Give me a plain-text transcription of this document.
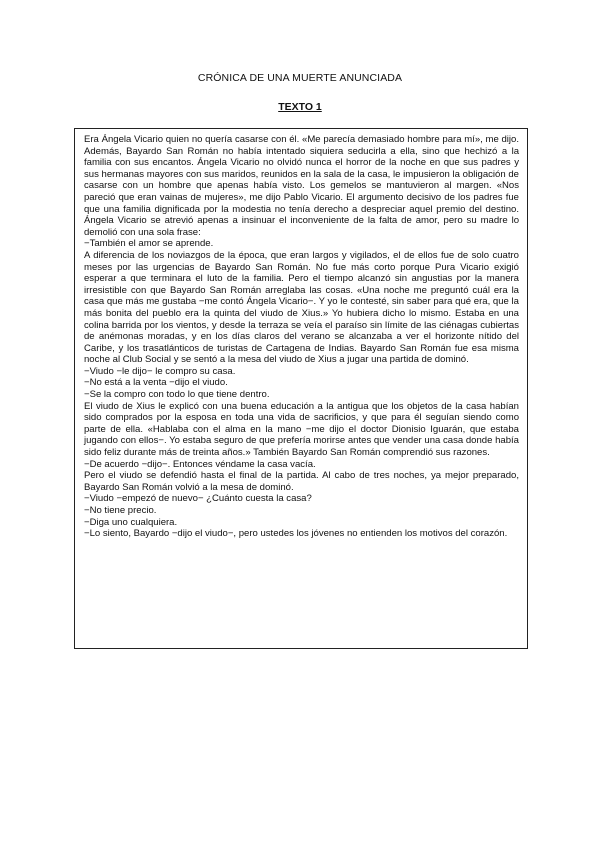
CRÓNICA DE UNA MUERTE ANUNCIADA
TEXTO 1

Era Ángela Vicario quien no quería casarse con él. «Me parecía demasiado hombre para mí», me dijo. Además, Bayardo San Román no había intentado siquiera seducirla a ella, sino que hechizó a la familia con sus encantos. Ángela Vicario no olvidó nunca el horror de la noche en que sus padres y sus hermanas mayores con sus maridos, reunidos en la sala de la casa, le impusieron la obligación de casarse con un hombre que apenas había visto. Los gemelos se mantuvieron al margen. «Nos pareció que eran vainas de mujeres», me dijo Pablo Vicario. El argumento decisivo de los padres fue que una familia dignificada por la modestia no tenía derecho a despreciar aquel premio del destino. Ángela Vicario se atrevió apenas a insinuar el inconveniente de la falta de amor, pero su madre lo demolió con una sola frase:

−También el amor se aprende.

A diferencia de los noviazgos de la época, que eran largos y vigilados, el de ellos fue de solo cuatro meses por las urgencias de Bayardo San Román. No fue más corto porque Pura Vicario exigió esperar a que terminara el luto de la familia. Pero el tiempo alcanzó sin angustias por la manera irresistible con que Bayardo San Román arreglaba las cosas. «Una noche me preguntó cuál era la casa que más me gustaba −me contó Ángela Vicario−. Y yo le contesté, sin saber para qué era, que la más bonita del pueblo era la quinta del viudo de Xius.» Yo hubiera dicho lo mismo. Estaba en una colina barrida por los vientos, y desde la terraza se veía el paraíso sin límite de las ciénagas cubiertas de anémonas moradas, y en los días claros del verano se alcanzaba a ver el horizonte nítido del Caribe, y los trasatlánticos de turistas de Cartagena de Indias. Bayardo San Román fue esa misma noche al Club Social y se sentó a la mesa del viudo de Xius a jugar una partida de dominó.

−Viudo −le dijo− le compro su casa.

−No está a la venta −dijo el viudo.

−Se la compro con todo lo que tiene dentro.

El viudo de Xius le explicó con una buena educación a la antigua que los objetos de la casa habían sido comprados por la esposa en toda una vida de sacrificios, y que para él seguían siendo como parte de ella. «Hablaba con el alma en la mano −me dijo el doctor Dionisio Iguarán, que estaba jugando con ellos−. Yo estaba seguro de que prefería morirse antes que vender una casa donde había sido feliz durante más de treinta años.» También Bayardo San Román comprendió sus razones.

−De acuerdo −dijo−. Entonces véndame la casa vacía.

Pero el viudo se defendió hasta el final de la partida. Al cabo de tres noches, ya mejor preparado, Bayardo San Román volvió a la mesa de dominó.

−Viudo −empezó de nuevo− ¿Cuánto cuesta la casa?

−No tiene precio.

−Diga uno cualquiera.

−Lo siento, Bayardo −dijo el viudo−, pero ustedes los jóvenes no entienden los motivos del corazón.
